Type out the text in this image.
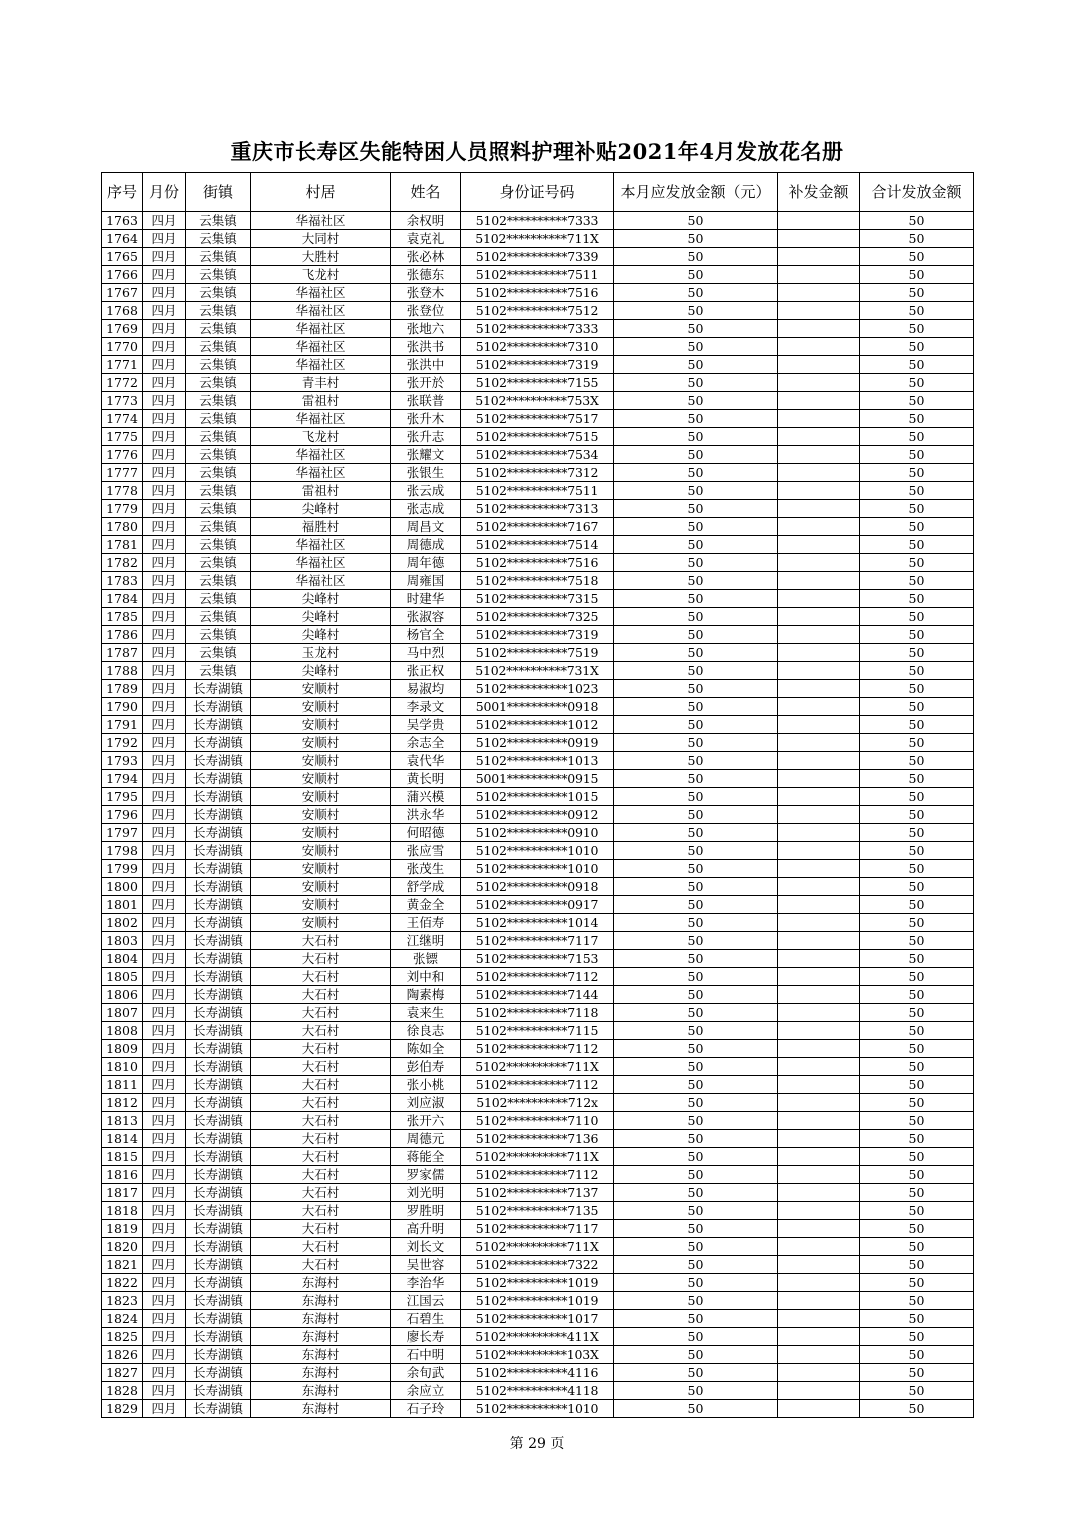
重庆市长寿区失能特困人员照料护理补贴2021年4月发放花名册
序号	月份	街镇	村居	姓名	身份证号码	本月应发放金额（元）	补发金额	合计发放金额
1763	四月	云集镇	华福社区	余权明	5102**********7333	50		50
1764	四月	云集镇	大同村	袁克礼	5102**********711X	50		50
1765	四月	云集镇	大胜村	张必林	5102**********7339	50		50
1766	四月	云集镇	飞龙村	张德东	5102**********7511	50		50
1767	四月	云集镇	华福社区	张登木	5102**********7516	50		50
1768	四月	云集镇	华福社区	张登位	5102**********7512	50		50
1769	四月	云集镇	华福社区	张地六	5102**********7333	50		50
1770	四月	云集镇	华福社区	张洪书	5102**********7310	50		50
1771	四月	云集镇	华福社区	张洪中	5102**********7319	50		50
1772	四月	云集镇	青丰村	张开於	5102**********7155	50		50
1773	四月	云集镇	雷祖村	张联普	5102**********753X	50		50
1774	四月	云集镇	华福社区	张升木	5102**********7517	50		50
1775	四月	云集镇	飞龙村	张升志	5102**********7515	50		50
1776	四月	云集镇	华福社区	张耀文	5102**********7534	50		50
1777	四月	云集镇	华福社区	张银生	5102**********7312	50		50
1778	四月	云集镇	雷祖村	张云成	5102**********7511	50		50
1779	四月	云集镇	尖峰村	张志成	5102**********7313	50		50
1780	四月	云集镇	福胜村	周昌文	5102**********7167	50		50
1781	四月	云集镇	华福社区	周德成	5102**********7514	50		50
1782	四月	云集镇	华福社区	周年德	5102**********7516	50		50
1783	四月	云集镇	华福社区	周雍国	5102**********7518	50		50
1784	四月	云集镇	尖峰村	时建华	5102**********7315	50		50
1785	四月	云集镇	尖峰村	张淑容	5102**********7325	50		50
1786	四月	云集镇	尖峰村	杨官全	5102**********7319	50		50
1787	四月	云集镇	玉龙村	马中烈	5102**********7519	50		50
1788	四月	云集镇	尖峰村	张正权	5102**********731X	50		50
1789	四月	长寿湖镇	安顺村	易淑均	5102**********1023	50		50
1790	四月	长寿湖镇	安顺村	李录文	5001**********0918	50		50
1791	四月	长寿湖镇	安顺村	吴学贵	5102**********1012	50		50
1792	四月	长寿湖镇	安顺村	余志全	5102**********0919	50		50
1793	四月	长寿湖镇	安顺村	袁代华	5102**********1013	50		50
1794	四月	长寿湖镇	安顺村	黄长明	5001**********0915	50		50
1795	四月	长寿湖镇	安顺村	蒲兴模	5102**********1015	50		50
1796	四月	长寿湖镇	安顺村	洪永华	5102**********0912	50		50
1797	四月	长寿湖镇	安顺村	何昭德	5102**********0910	50		50
1798	四月	长寿湖镇	安顺村	张应雪	5102**********1010	50		50
1799	四月	长寿湖镇	安顺村	张茂生	5102**********1010	50		50
1800	四月	长寿湖镇	安顺村	舒学成	5102**********0918	50		50
1801	四月	长寿湖镇	安顺村	黄金全	5102**********0917	50		50
1802	四月	长寿湖镇	安顺村	王佰寿	5102**********1014	50		50
1803	四月	长寿湖镇	大石村	江继明	5102**********7117	50		50
1804	四月	长寿湖镇	大石村	张镖	5102**********7153	50		50
1805	四月	长寿湖镇	大石村	刘中和	5102**********7112	50		50
1806	四月	长寿湖镇	大石村	陶素梅	5102**********7144	50		50
1807	四月	长寿湖镇	大石村	袁来生	5102**********7118	50		50
1808	四月	长寿湖镇	大石村	徐良志	5102**********7115	50		50
1809	四月	长寿湖镇	大石村	陈如全	5102**********7112	50		50
1810	四月	长寿湖镇	大石村	彭伯寿	5102**********711X	50		50
1811	四月	长寿湖镇	大石村	张小桃	5102**********7112	50		50
1812	四月	长寿湖镇	大石村	刘应淑	5102**********712x	50		50
1813	四月	长寿湖镇	大石村	张开六	5102**********7110	50		50
1814	四月	长寿湖镇	大石村	周德元	5102**********7136	50		50
1815	四月	长寿湖镇	大石村	蒋能全	5102**********711X	50		50
1816	四月	长寿湖镇	大石村	罗家儒	5102**********7112	50		50
1817	四月	长寿湖镇	大石村	刘光明	5102**********7137	50		50
1818	四月	长寿湖镇	大石村	罗胜明	5102**********7135	50		50
1819	四月	长寿湖镇	大石村	高升明	5102**********7117	50		50
1820	四月	长寿湖镇	大石村	刘长文	5102**********711X	50		50
1821	四月	长寿湖镇	大石村	吴世容	5102**********7322	50		50
1822	四月	长寿湖镇	东海村	李治华	5102**********1019	50		50
1823	四月	长寿湖镇	东海村	江国云	5102**********1019	50		50
1824	四月	长寿湖镇	东海村	石碧生	5102**********1017	50		50
1825	四月	长寿湖镇	东海村	廖长寿	5102**********411X	50		50
1826	四月	长寿湖镇	东海村	石中明	5102**********103X	50		50
1827	四月	长寿湖镇	东海村	余旬武	5102**********4116	50		50
1828	四月	长寿湖镇	东海村	余应立	5102**********4118	50		50
1829	四月	长寿湖镇	东海村	石子玲	5102**********1010	50		50
第 29 页
